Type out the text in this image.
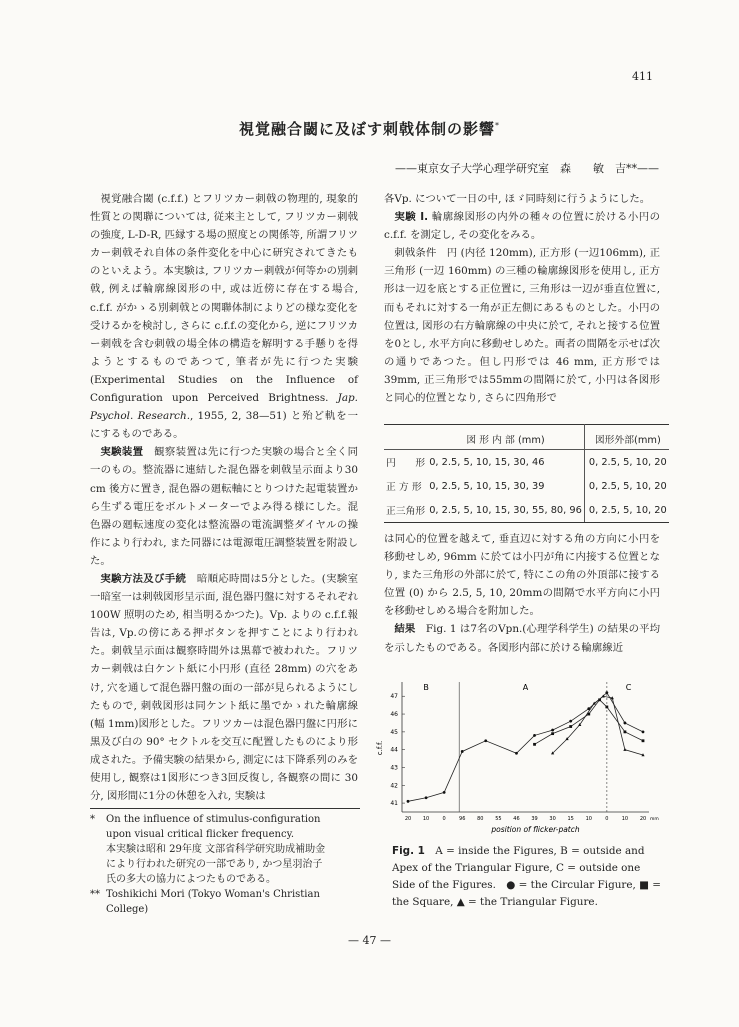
411
視覚融合閾に及ぼす刺戟体制の影響*
——東京女子大学心理学研究室　森　　敏　吉**——

視覚融合閾 (c.f.f.) とフリツカー刺戟の物理的, 現象的性質との関聯については, 従来主として, フリツカー刺戟の強度, L-D-R, 匹縁する場の照度との関係等, 所謂フリツカー刺戟それ自体の条件変化を中心に研究されてきたものといえよう。本実験は, フリツカー刺戟が何等かの別刺戟, 例えば輪廓線図形の中, 或は近傍に存在する場合, c.f.f. がかゝる別刺戟との関聯体制によりどの様な変化を受けるかを検討し, さらに c.f.f.の変化から, 逆にフリツカー刺戟を含む刺戟の場全体の構造を解明する手懸りを得ようとするものであつて, 筆者が先に行つた実験(Experimental Studies on the Influence of Configuration upon Perceived Brightness. Jap. Psychol. Research., 1955, 2, 38—51) と殆ど軌を一にするものである。

実験装置　観察装置は先に行つた実験の場合と全く同一のもの。整流器に連結した混色器を刺戟呈示面より30 cm 後方に置き, 混色器の廻転軸にとりつけた起電装置から生ずる電圧をボルトメーターでよみ得る様にした。混色器の廻転速度の変化は整流器の電流調整ダイヤルの操作により行われ, また同器には電源電圧調整装置を附設した。

実験方法及び手続　暗順応時間は5分とした。(実験室一暗室一は刺戟図形呈示面, 混色器円盤に対するそれぞれ 100W 照明のため, 相当明るかつた)。Vp. よりの c.f.f.報告は, Vp.の傍にある押ボタンを押すことにより行われた。刺戟呈示面は観察時間外は黒幕で被われた。フリツカー刺戟は白ケント紙に小円形 (直径 28mm) の穴をあけ, 穴を通して混色器円盤の面の一部が見られるようにしたもので, 刺戟図形は同ケント紙に墨でかゝれた輪廓線 (幅 1mm)図形とした。フリツカーは混色器円盤に円形に黒及び白の 90° セクトルを交互に配置したものにより形成された。予備実験の結果から, 測定には下降系列のみを使用し, 観察は1図形につき3回反復し, 各観察の間に 30分, 図形間に1分の休憩を入れ, 実験は

各Vp. について一日の中, ほゞ同時刻に行うようにした。

実験 I. 輪廓線図形の内外の種々の位置に於ける小円の c.f.f. を測定し, その変化をみる。

刺戟条件　円 (内径 120mm), 正方形 (一辺106mm), 正三角形 (一辺 160mm) の三種の輪廓線図形を使用し, 正方形は一辺を底とする正位置に, 三角形は一辺が垂直位置に, 而もそれに対する一角が正左側にあるものとした。小円の位置は, 図形の右方輪廓線の中央に於て, それと接する位置を0とし, 水平方向に移動せしめた。両者の間隔を示せば次の通りであつた。但し円形では 46 mm, 正方形では39mm, 正三角形では55mmの間隔に於て, 小円は各図形と同心的位置となり, さらに四角形で

	図 形 内 部 (mm)	図形外部(mm)
円　　形	0, 2.5, 5, 10, 15, 30, 46	0, 2.5, 5, 10, 20
正 方 形	0, 2.5, 5, 10, 15, 30, 39	0, 2.5, 5, 10, 20
正三角形	0, 2.5, 5, 10, 15, 30, 55, 80, 96	0, 2.5, 5, 10, 20

は同心的位置を越えて, 垂直辺に対する角の方向に小円を移動せしめ, 96mm に於ては小円が角に内接する位置となり, また三角形の外部に於て, 特にこの角の外頂部に接する位置 (0) から 2.5, 5, 10, 20mmの間隔で水平方向に小円を移動せしめる場合を附加した。

結果　Fig. 1 は7名のVpn.(心理学科学生) の結果の平均を示したものである。各図形内部に於ける輪廓線近

47
46
45
44
43
42
41
20 10	0	96 80 55 46 39 30 15 10	0	10 20 mm
c.f.f.
position of flicker-patch
B	A	C
Fig. 1　A = inside the Figures, B = outside and Apex of the Triangular Figure, C = outside one Side of the Figures.　● = the Circular Figure, ■ = the Square, ▲ = the Triangular Figure.
*	On the influence of stimulus-configuration
upon visual critical flicker frequency.
本実験は昭和 29年度 文部省科学研究助成補助金
により行われた研究の一部であり, かつ星羽治子
氏の多大の協力によつたものである。
** Toshikichi Mori (Tokyo Woman's Christian
College)
— 47 —
